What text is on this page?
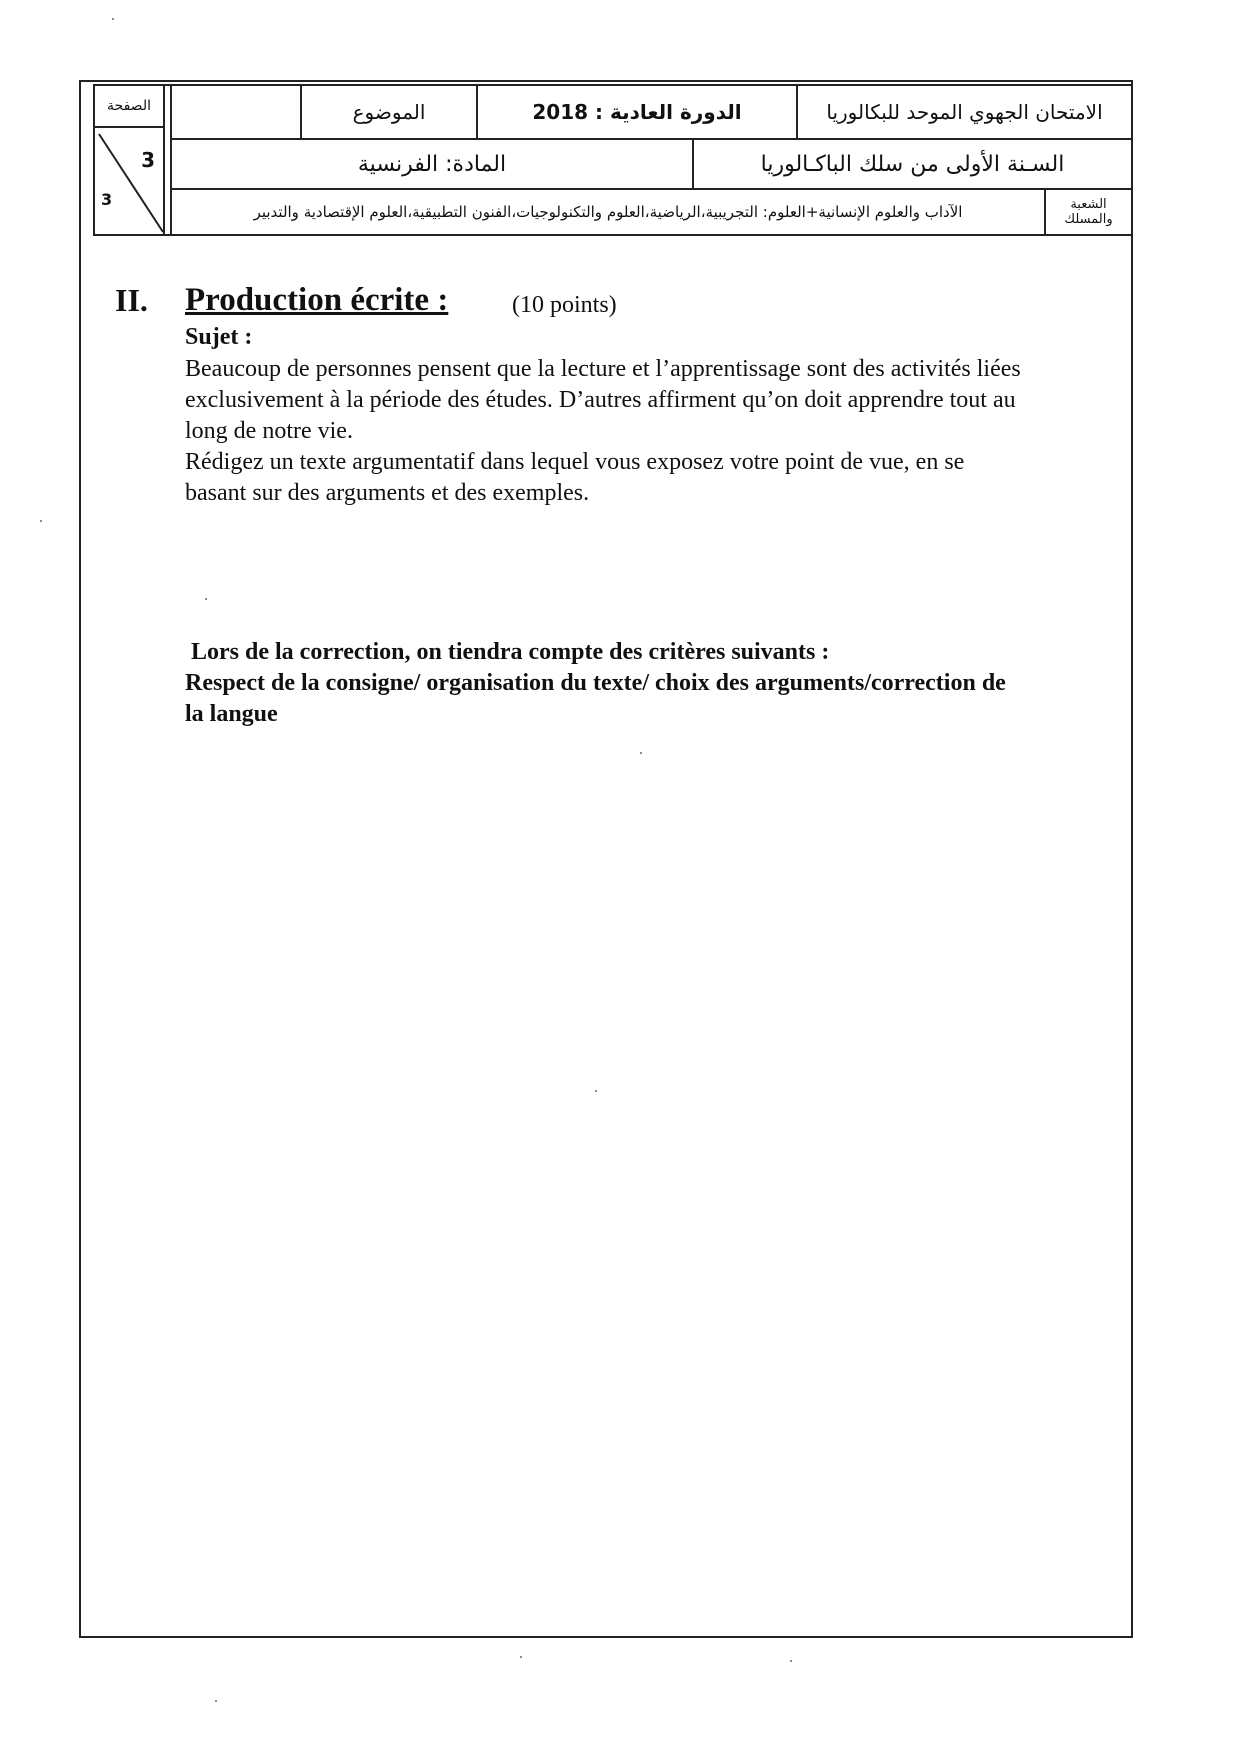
الصفحة
3
3
الموضوع	الدورة العادية : 2018	الامتحان الجهوي الموحد للبكالوريا
المادة: الفرنسية	السـنة الأولى من سلك الباكـالوريا
الآداب والعلوم الإنسانية+العلوم: التجريبية،الرياضية،العلوم والتكنولوجيات،الفنون التطبيقية،العلوم الإقتصادية والتدبير	الشعبة
والمسلك
II. Production écrite :	(10 points)
Sujet :
Beaucoup de personnes pensent que la lecture et l’apprentissage sont des activités liées
exclusivement à la période des études. D’autres affirment qu’on doit apprendre tout au
long de notre vie.
Rédigez un texte argumentatif dans lequel vous exposez votre point de vue, en se
basant sur des arguments et des exemples.
Lors de la correction, on tiendra compte des critères suivants :
Respect de la consigne/ organisation du texte/ choix des arguments/correction de
la langue
